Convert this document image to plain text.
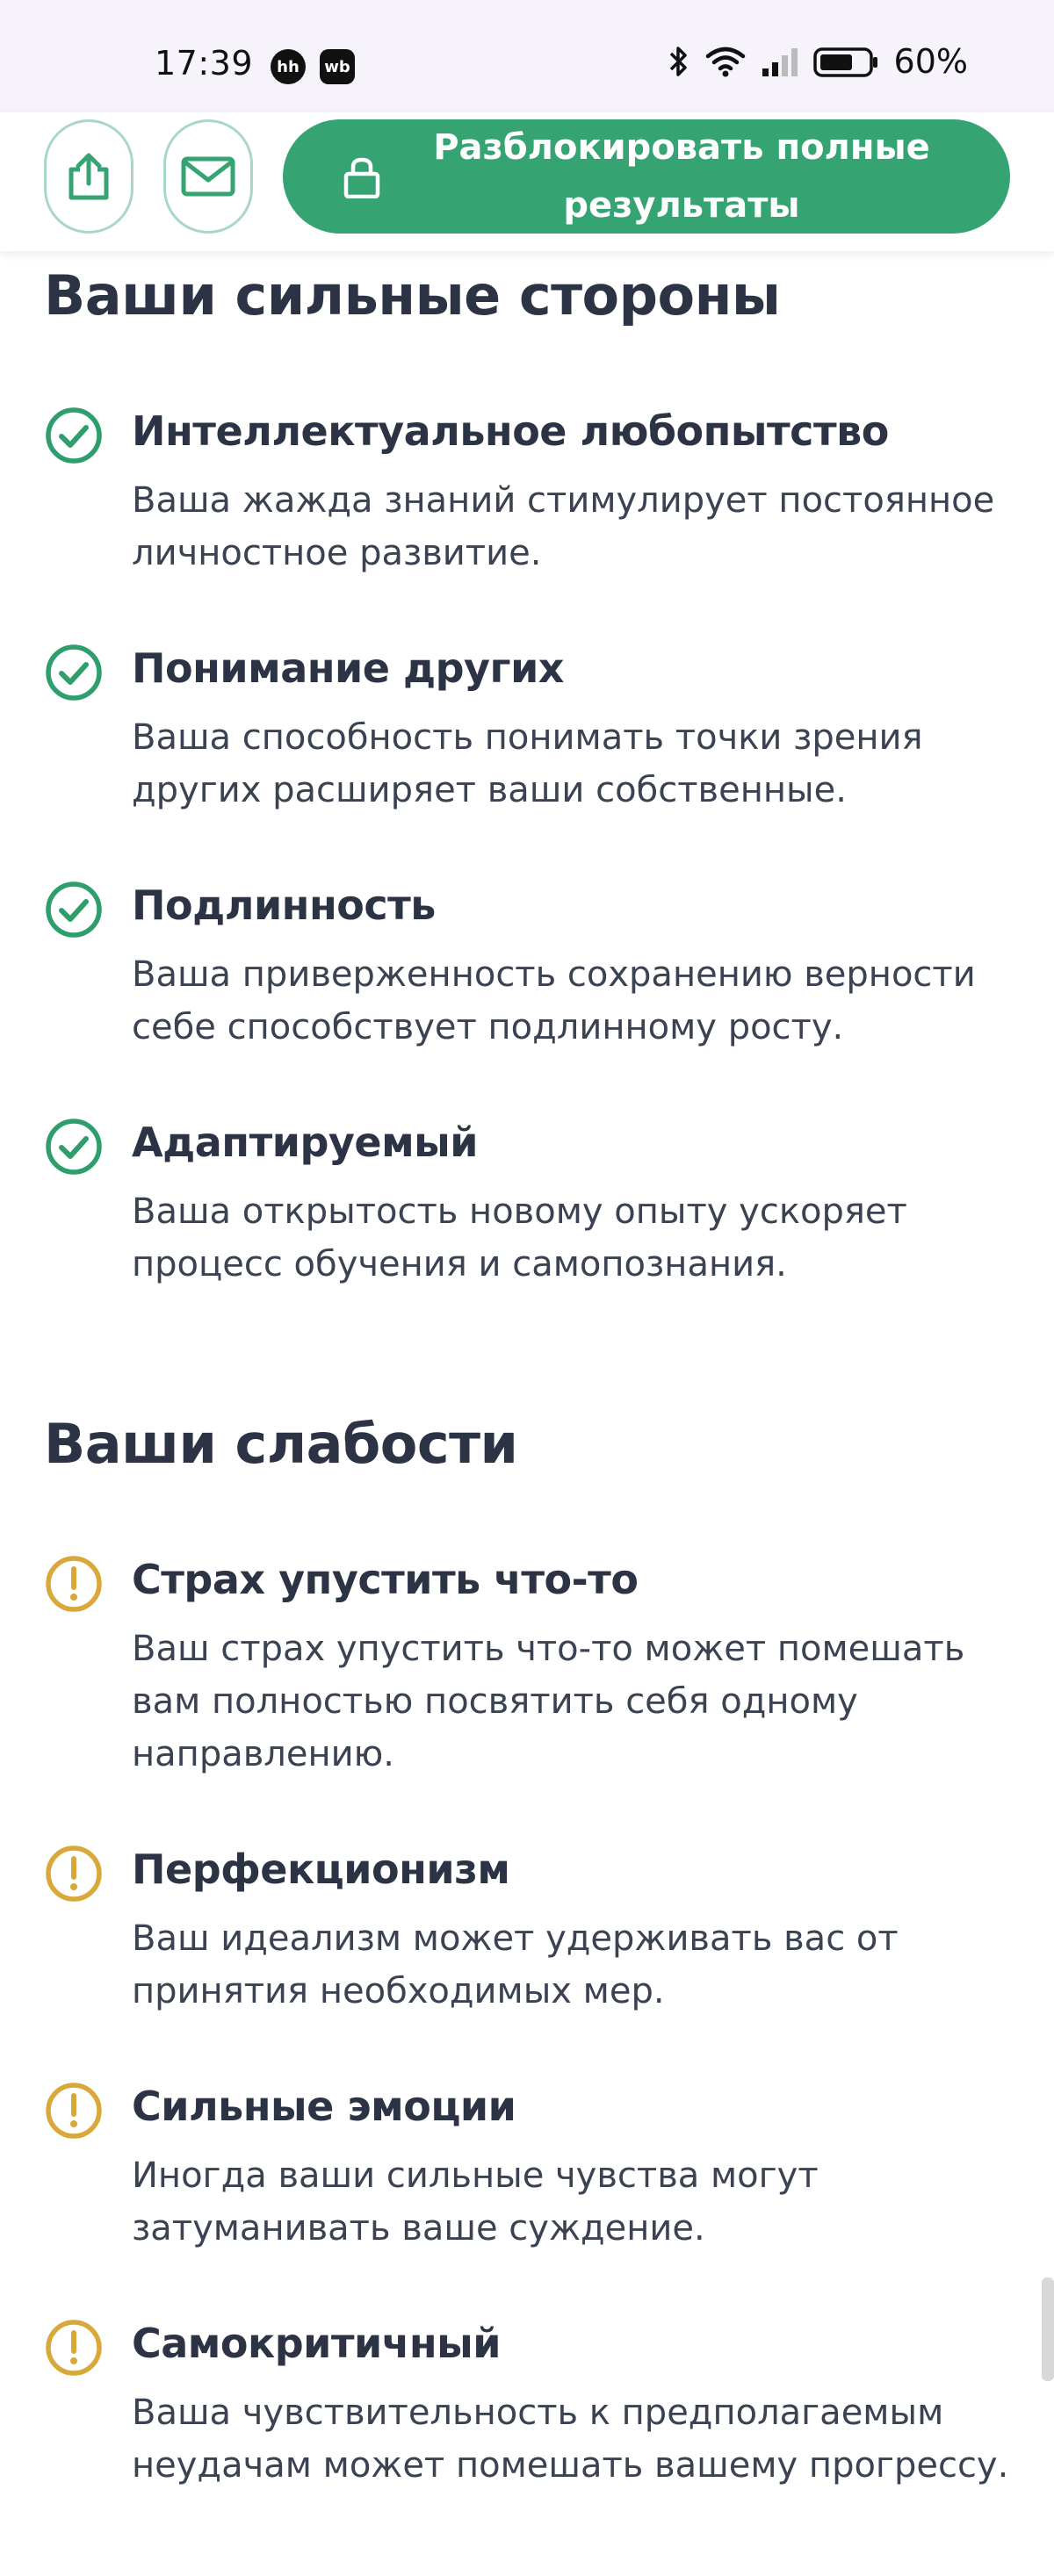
17:39	hh	wb	60%
Разблокировать полные результаты
Ваши сильные стороны
Интеллектуальное любопытство
Ваша жажда знаний стимулирует постоянное личностное развитие.
Понимание других
Ваша способность понимать точки зрения других расширяет ваши собственные.
Подлинность
Ваша приверженность сохранению верности себе способствует подлинному росту.
Адаптируемый
Ваша открытость новому опыту ускоряет процесс обучения и самопознания.
Ваши слабости
Страх упустить что-то
Ваш страх упустить что-то может помешать вам полностью посвятить себя одному направлению.
Перфекционизм
Ваш идеализм может удерживать вас от принятия необходимых мер.
Сильные эмоции
Иногда ваши сильные чувства могут затуманивать ваше суждение.
Самокритичный
Ваша чувствительность к предполагаемым неудачам может помешать вашему прогрессу.
